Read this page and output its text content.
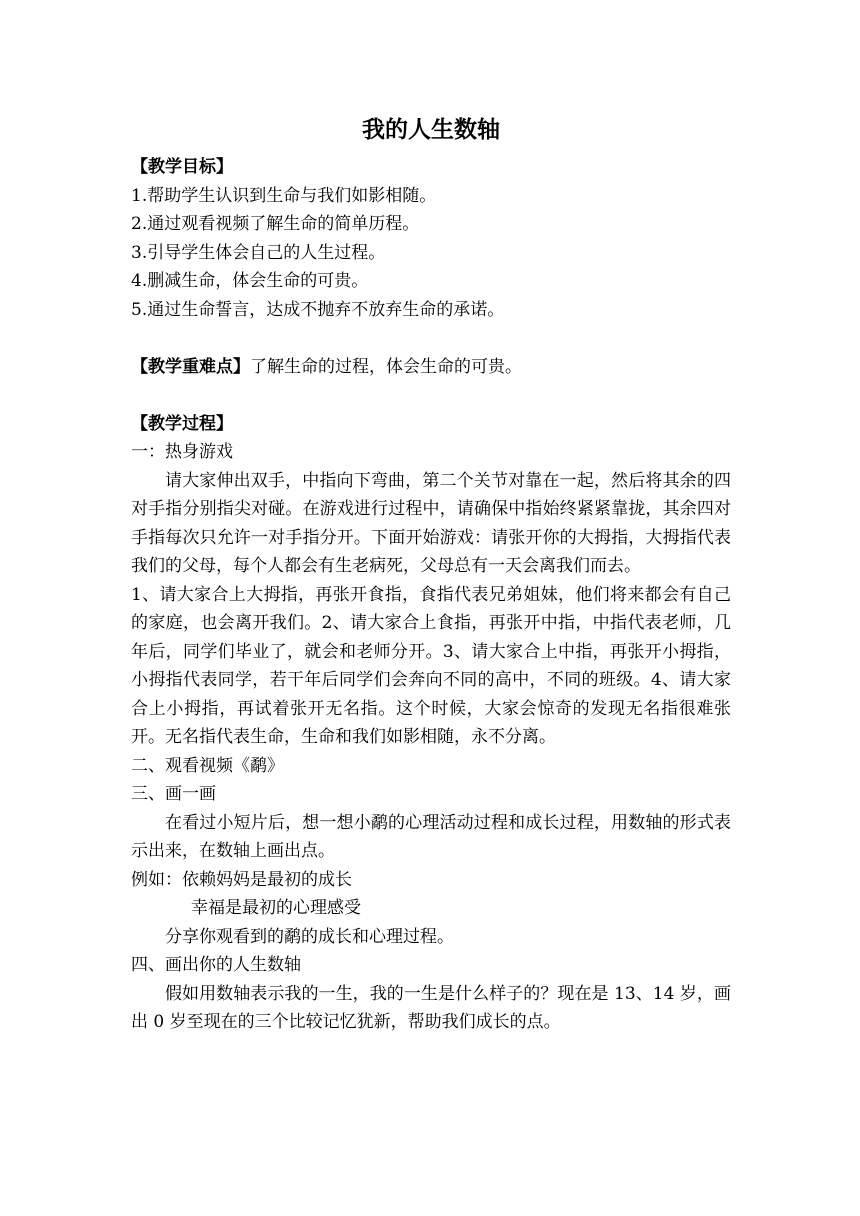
我的人生数轴
【教学目标】
1.帮助学生认识到生命与我们如影相随。
2.通过观看视频了解生命的简单历程。
3.引导学生体会自己的人生过程。
4.删减生命，体会生命的可贵。
5.通过生命誓言，达成不抛弃不放弃生命的承诺。
【教学重难点】了解生命的过程，体会生命的可贵。
【教学过程】
一：热身游戏
请大家伸出双手，中指向下弯曲，第二个关节对靠在一起，然后将其余的四对手指分别指尖对碰。在游戏进行过程中，请确保中指始终紧紧靠拢，其余四对手指每次只允许一对手指分开。下面开始游戏：请张开你的大拇指，大拇指代表我们的父母，每个人都会有生老病死，父母总有一天会离我们而去。
1、请大家合上大拇指，再张开食指，食指代表兄弟姐妹，他们将来都会有自己的家庭，也会离开我们。2、请大家合上食指，再张开中指，中指代表老师，几年后，同学们毕业了，就会和老师分开。3、请大家合上中指，再张开小拇指，小拇指代表同学，若干年后同学们会奔向不同的高中，不同的班级。4、请大家合上小拇指，再试着张开无名指。这个时候，大家会惊奇的发现无名指很难张开。无名指代表生命，生命和我们如影相随，永不分离。
二、观看视频《鹬》
三、画一画
在看过小短片后，想一想小鹬的心理活动过程和成长过程，用数轴的形式表示出来，在数轴上画出点。
例如：依赖妈妈是最初的成长
幸福是最初的心理感受
分享你观看到的鹬的成长和心理过程。
四、画出你的人生数轴
假如用数轴表示我的一生，我的一生是什么样子的？现在是 13、14 岁，画出 0 岁至现在的三个比较记忆犹新，帮助我们成长的点。
